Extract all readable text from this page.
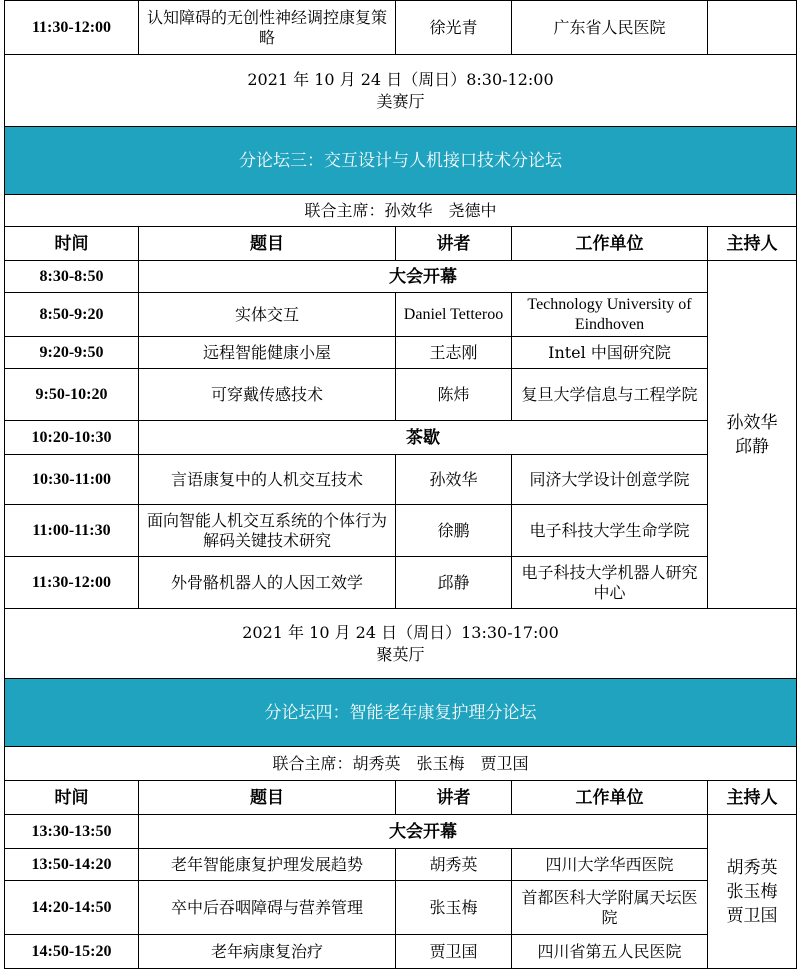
11:30-12:00	认知障碍的无创性神经调控康复策略	徐光青	广东省人民医院	

2021 年 10 月 24 日（周日）8:30-12:00
美赛厅				

分论坛三：交互设计与人机接口技术分论坛				
联合主席：孙效华　尧德中				
时间	题目	讲者	工作单位	主持人
8:30-8:50	大会开幕			孙效华
邱静
8:50-9:20	实体交互	Daniel Tetteroo	Technology University of Eindhoven	
9:20-9:50	远程智能健康小屋	王志刚	Intel 中国研究院	
9:50-10:20	可穿戴传感技术	陈炜	复旦大学信息与工程学院	
10:20-10:30	茶歇			
10:30-11:00	言语康复中的人机交互技术	孙效华	同济大学设计创意学院	
11:00-11:30	面向智能人机交互系统的个体行为解码关键技术研究	徐鹏	电子科技大学生命学院	
11:30-12:00	外骨骼机器人的人因工效学	邱静	电子科技大学机器人研究中心	

2021 年 10 月 24 日（周日）13:30-17:00
聚英厅				

分论坛四：智能老年康复护理分论坛				
联合主席：胡秀英　张玉梅　贾卫国				
时间	题目	讲者	工作单位	主持人
13:30-13:50	大会开幕			胡秀英
张玉梅
贾卫国
13:50-14:20	老年智能康复护理发展趋势	胡秀英	四川大学华西医院	
14:20-14:50	卒中后吞咽障碍与营养管理	张玉梅	首都医科大学附属天坛医院	
14:50-15:20	老年病康复治疗	贾卫国	四川省第五人民医院	
